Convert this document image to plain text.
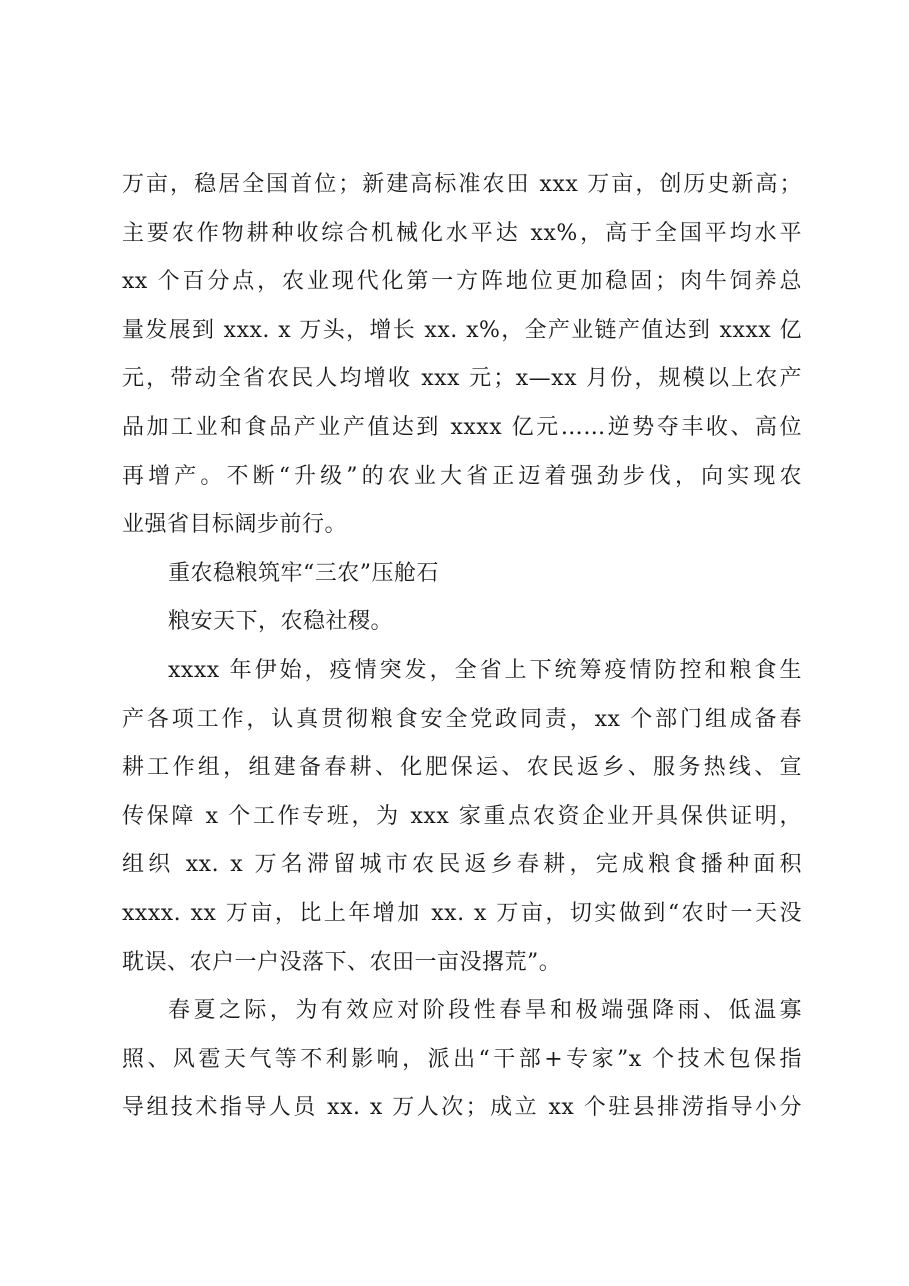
万亩，稳居全国首位；新建高标准农田 xxx 万亩，创历史新高；
主要农作物耕种收综合机械化水平达 xx%，高于全国平均水平
xx 个百分点，农业现代化第一方阵地位更加稳固；肉牛饲养总
量发展到 xxx. x 万头，增长 xx. x%，全产业链产值达到 xxxx 亿
元，带动全省农民人均增收 xxx 元；x—xx 月份，规模以上农产
品加工业和食品产业产值达到 xxxx 亿元……逆势夺丰收、高位
再增产。不断“升级”的农业大省正迈着强劲步伐，向实现农
业强省目标阔步前行。
重农稳粮筑牢“三农”压舱石
粮安天下，农稳社稷。
xxxx 年伊始，疫情突发，全省上下统筹疫情防控和粮食生
产各项工作，认真贯彻粮食安全党政同责，xx 个部门组成备春
耕工作组，组建备春耕、化肥保运、农民返乡、服务热线、宣
传保障 x 个工作专班，为 xxx 家重点农资企业开具保供证明，
组织 xx. x 万名滞留城市农民返乡春耕，完成粮食播种面积
xxxx. xx 万亩，比上年增加 xx. x 万亩，切实做到“农时一天没
耽误、农户一户没落下、农田一亩没撂荒”。
春夏之际，为有效应对阶段性春旱和极端强降雨、低温寡
照、风雹天气等不利影响，派出“干部+专家”x 个技术包保指
导组技术指导人员 xx. x 万人次；成立 xx 个驻县排涝指导小分
